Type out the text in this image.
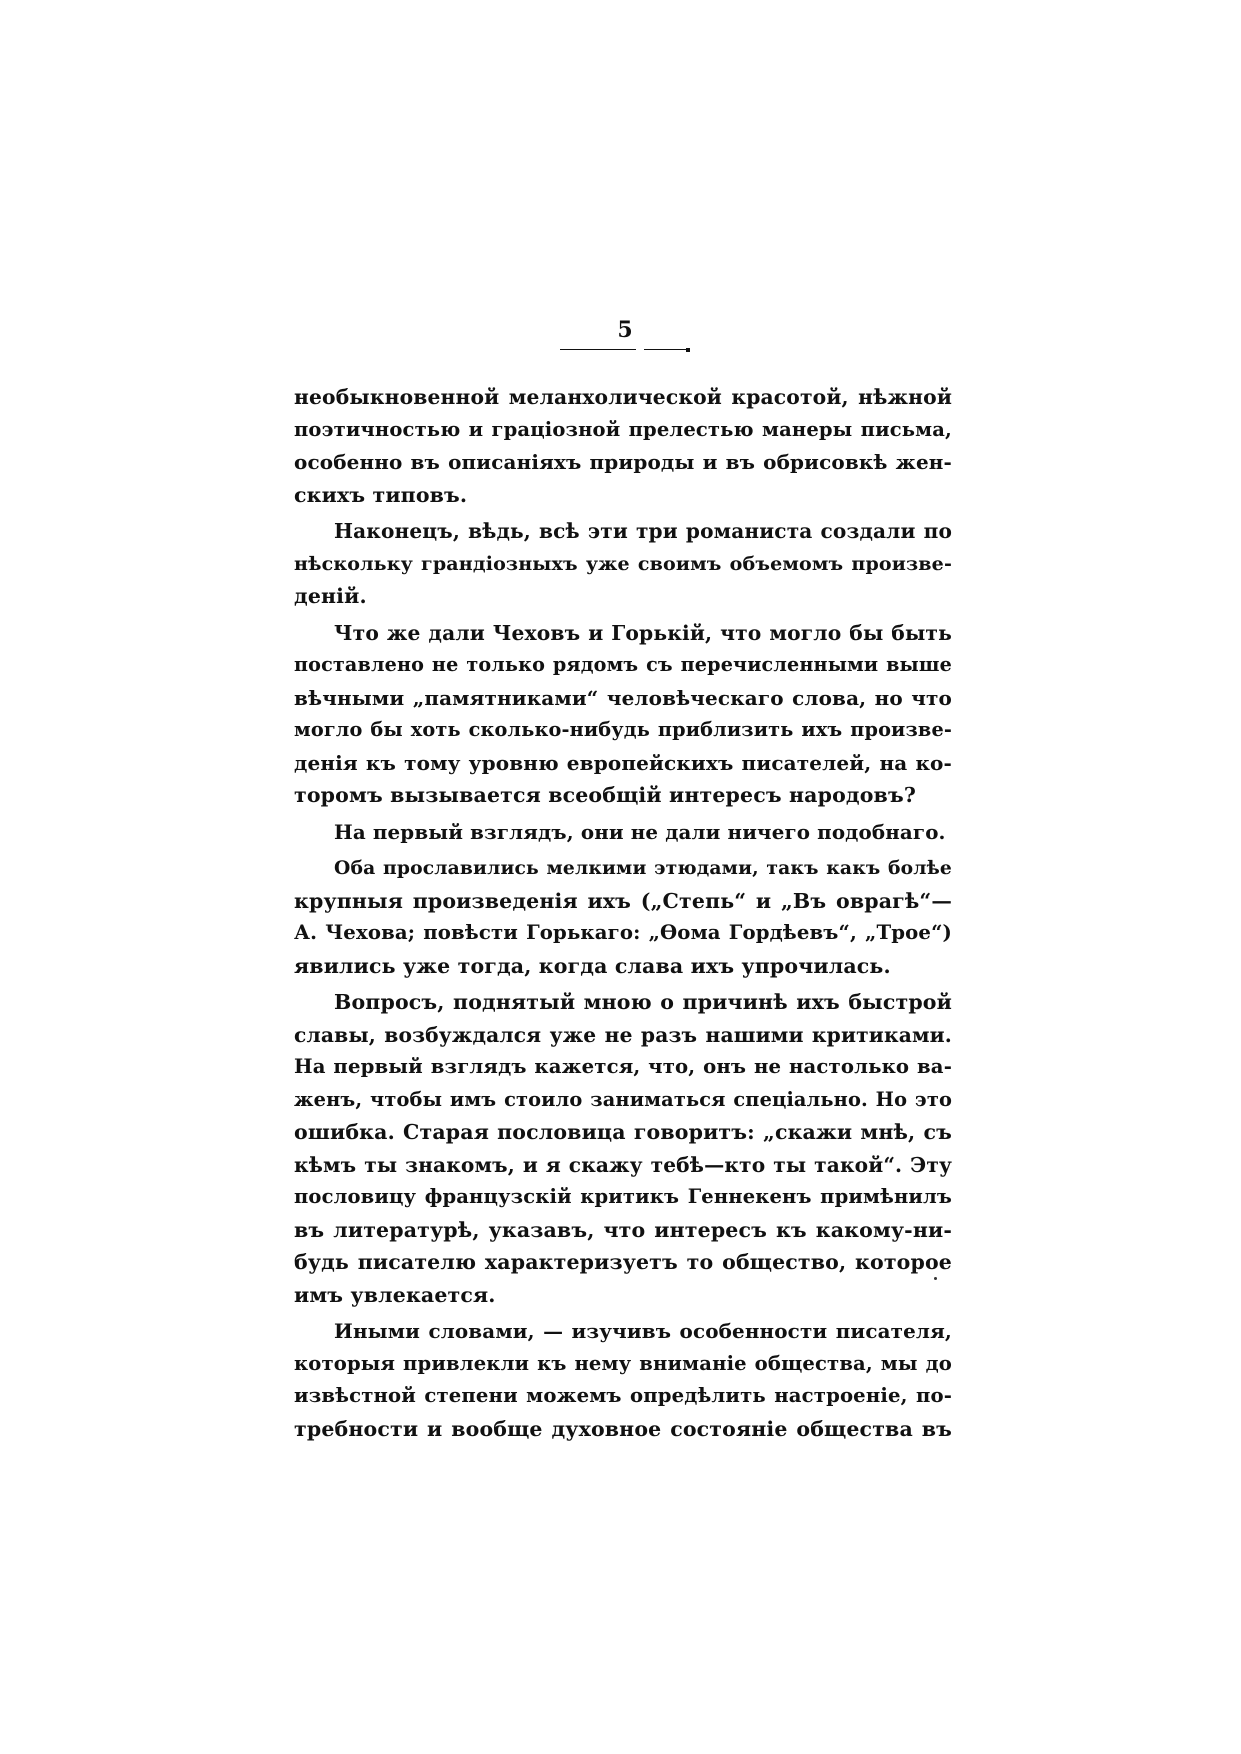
5
необыкновенной меланхолической красотой, нѣжной
поэтичностью и граціозной прелестью манеры письма,
особенно въ описаніяхъ природы и въ обрисовкѣ жен-
скихъ типовъ.
Наконецъ, вѣдь, всѣ эти три романиста создали по
нѣскольку грандіозныхъ уже своимъ объемомъ произве-
деній.
Что же дали Чеховъ и Горькій, что могло бы быть
поставлено не только рядомъ съ перечисленными выше
вѣчными „памятниками“ человѣческаго слова, но что
могло бы хоть сколько-нибудь приблизить ихъ произве-
денія къ тому уровню европейскихъ писателей, на ко-
торомъ вызывается всеобщій интересъ народовъ?
На первый взглядъ, они не дали ничего подобнаго.
Оба прославились мелкими этюдами, такъ какъ болѣе
крупныя произведенія ихъ („Степь“ и „Въ оврагѣ“—
А. Чехова; повѣсти Горькаго: „Ѳома Гордѣевъ“, „Трое“)
явились уже тогда, когда слава ихъ упрочилась.
Вопросъ, поднятый мною о причинѣ ихъ быстрой
славы, возбуждался уже не разъ нашими критиками.
На первый взглядъ кажется, что, онъ не настолько ва-
женъ, чтобы имъ стоило заниматься спеціально. Но это
ошибка. Старая пословица говоритъ: „скажи мнѣ, съ
кѣмъ ты знакомъ, и я скажу тебѣ—кто ты такой“. Эту
пословицу французскій критикъ Геннекенъ примѣнилъ
въ литературѣ, указавъ, что интересъ къ какому-ни-
будь писателю характеризуетъ то общество, которое
имъ увлекается.
Иными словами, — изучивъ особенности писателя,
которыя привлекли къ нему вниманіе общества, мы до
извѣстной степени можемъ опредѣлить настроеніе, по-
требности и вообще духовное состояніе общества въ
